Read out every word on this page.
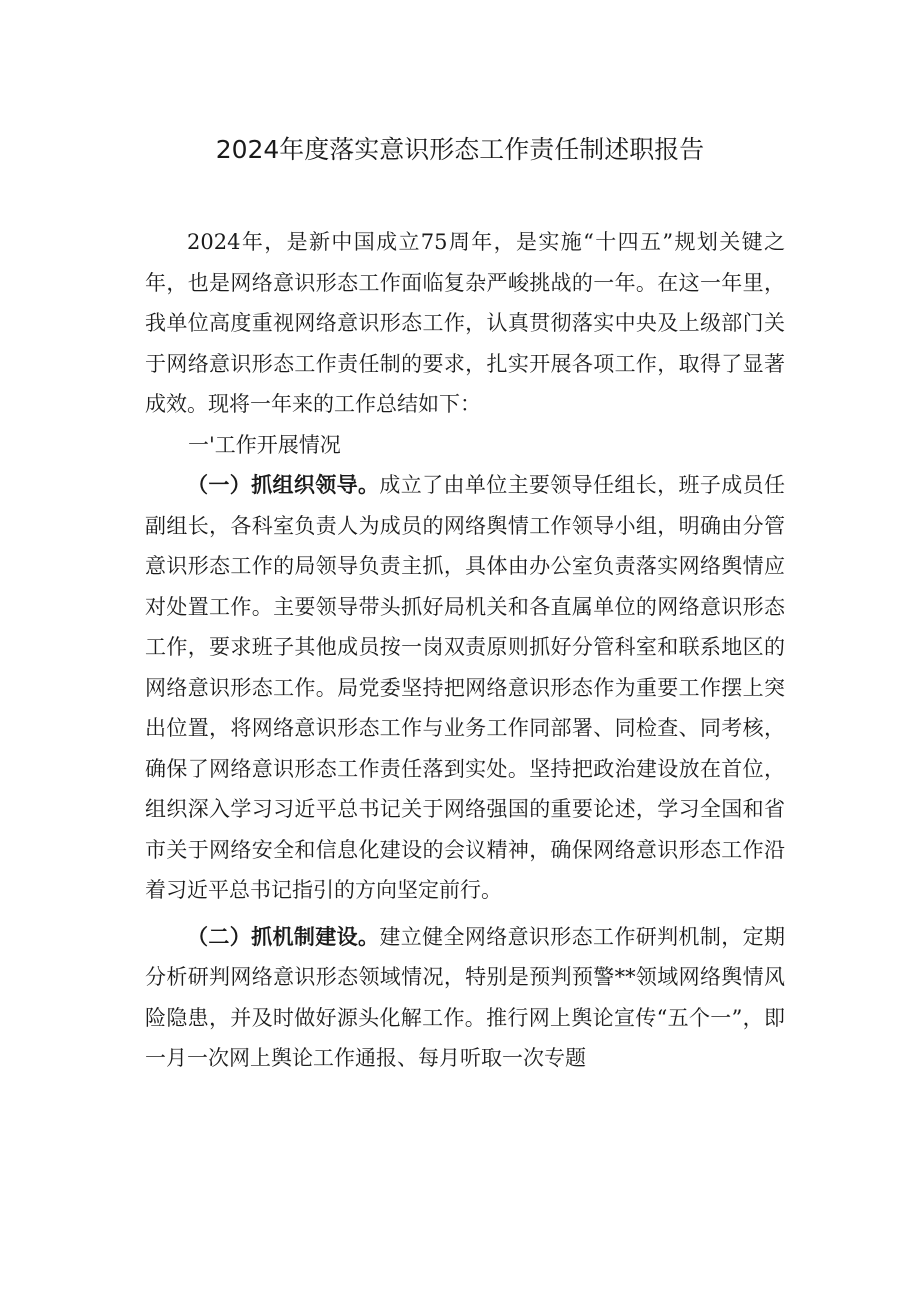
2024年度落实意识形态工作责任制述职报告

2024年，是新中国成立75周年，是实施“十四五”规划关键之年，也是网络意识形态工作面临复杂严峻挑战的一年。在这一年里，我单位高度重视网络意识形态工作，认真贯彻落实中央及上级部门关于网络意识形态工作责任制的要求，扎实开展各项工作，取得了显著成效。现将一年来的工作总结如下：

一'工作开展情况

（一）抓组织领导。成立了由单位主要领导任组长，班子成员任副组长，各科室负责人为成员的网络舆情工作领导小组，明确由分管意识形态工作的局领导负责主抓，具体由办公室负责落实网络舆情应对处置工作。主要领导带头抓好局机关和各直属单位的网络意识形态工作，要求班子其他成员按一岗双责原则抓好分管科室和联系地区的网络意识形态工作。局党委坚持把网络意识形态作为重要工作摆上突出位置，将网络意识形态工作与业务工作同部署、同检查、同考核，确保了网络意识形态工作责任落到实处。坚持把政治建设放在首位，组织深入学习习近平总书记关于网络强国的重要论述，学习全国和省市关于网络安全和信息化建设的会议精神，确保网络意识形态工作沿着习近平总书记指引的方向坚定前行。

（二）抓机制建设。建立健全网络意识形态工作研判机制，定期分析研判网络意识形态领域情况，特别是预判预警**领域网络舆情风险隐患，并及时做好源头化解工作。推行网上舆论宣传“五个一”，即一月一次网上舆论工作通报、每月听取一次专题
